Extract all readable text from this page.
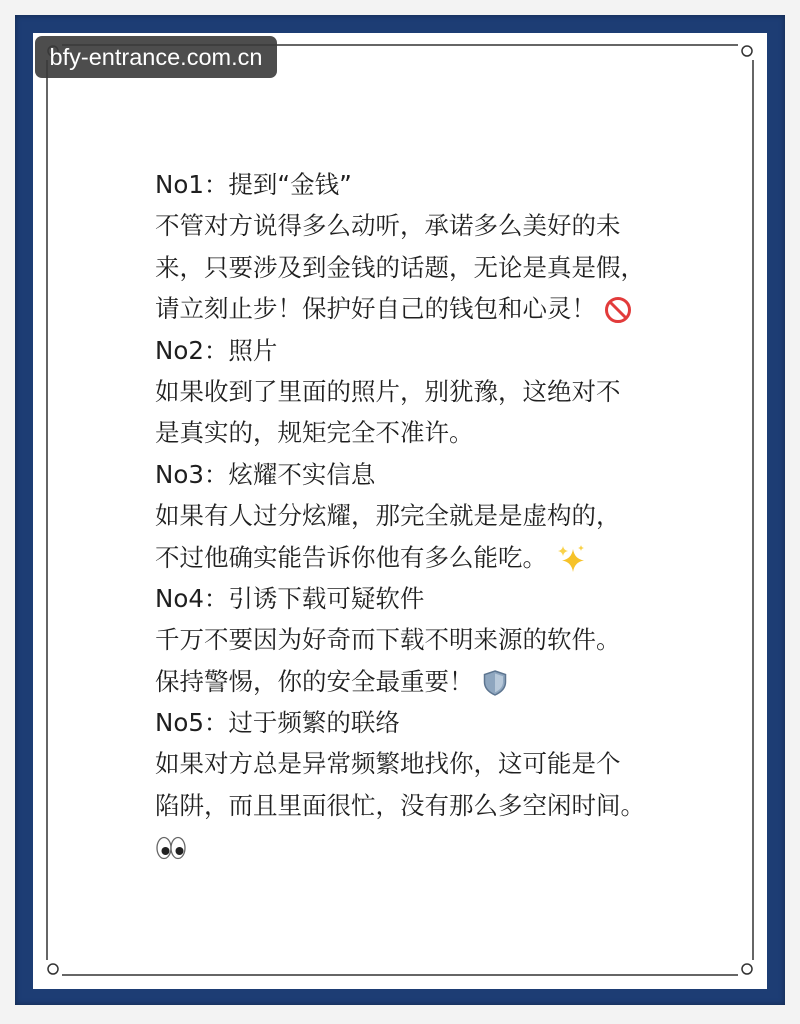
No1：提到“金钱”
不管对方说得多么动听，承诺多么美好的未
来，只要涉及到金钱的话题，无论是真是假，
请立刻止步！保护好自己的钱包和心灵！
No2：照片
如果收到了里面的照片，别犹豫，这绝对不
是真实的，规矩完全不准许。
No3：炫耀不实信息
如果有人过分炫耀，那完全就是是虚构的，
不过他确实能告诉你他有多么能吃。
No4：引诱下载可疑软件
千万不要因为好奇而下载不明来源的软件。
保持警惕，你的安全最重要！
No5：过于频繁的联络
如果对方总是异常频繁地找你，这可能是个
陷阱，而且里面很忙，没有那么多空闲时间。
bfy-entrance.com.cn
